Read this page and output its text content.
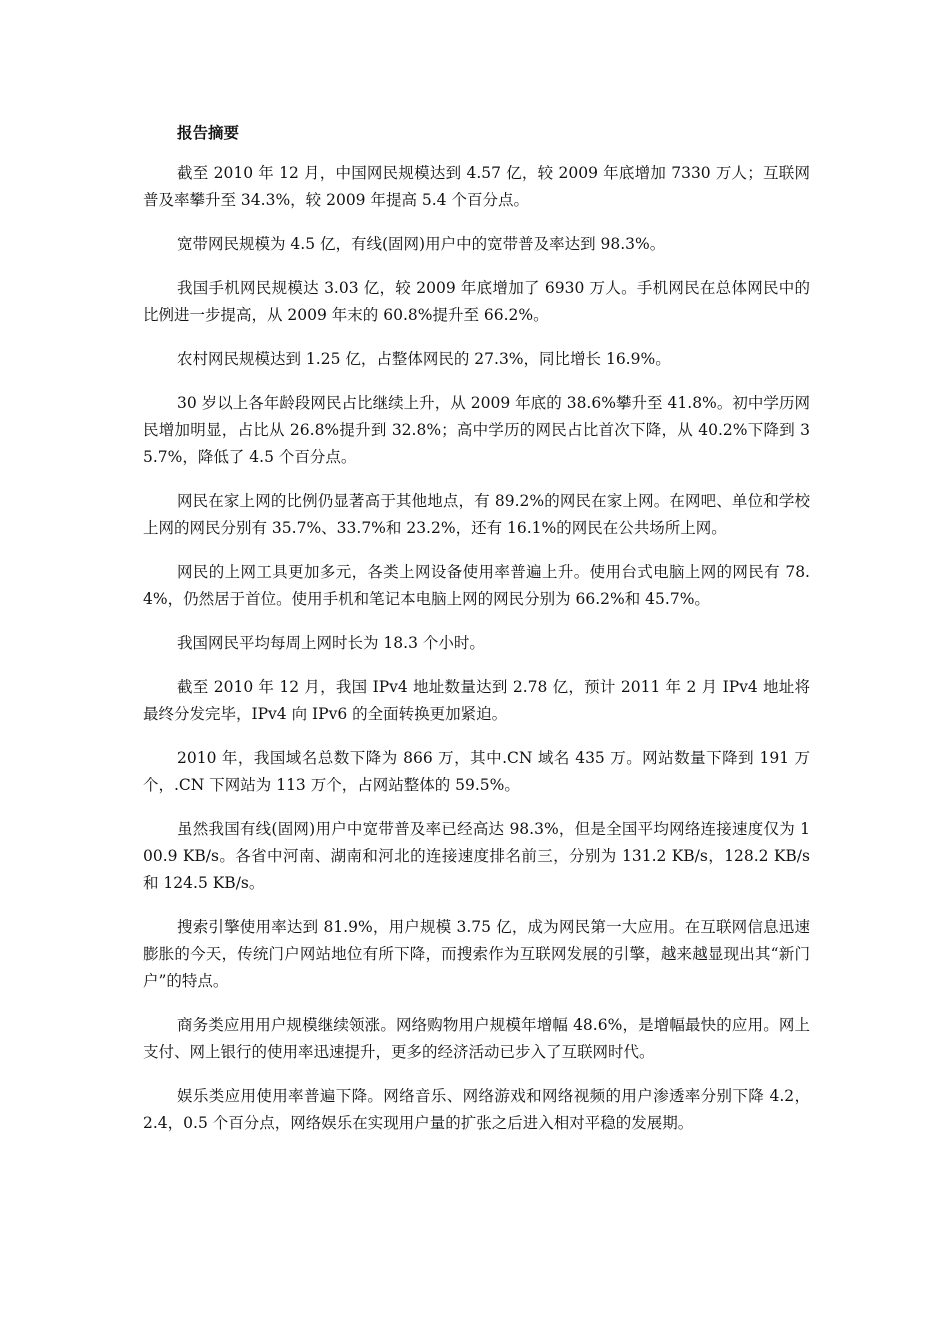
报告摘要

截至 2010 年 12 月，中国网民规模达到 4.57 亿，较 2009 年底增加 7330 万人；互联网普及率攀升至 34.3%，较 2009 年提高 5.4 个百分点。

宽带网民规模为 4.5 亿，有线(固网)用户中的宽带普及率达到 98.3%。

我国手机网民规模达 3.03 亿，较 2009 年底增加了 6930 万人。手机网民在总体网民中的比例进一步提高，从 2009 年末的 60.8%提升至 66.2%。

农村网民规模达到 1.25 亿，占整体网民的 27.3%，同比增长 16.9%。

30 岁以上各年龄段网民占比继续上升，从 2009 年底的 38.6%攀升至 41.8%。初中学历网民增加明显，占比从 26.8%提升到 32.8%；高中学历的网民占比首次下降，从 40.2%下降到 35.7%，降低了 4.5 个百分点。

网民在家上网的比例仍显著高于其他地点，有 89.2%的网民在家上网。在网吧、单位和学校上网的网民分别有 35.7%、33.7%和 23.2%，还有 16.1%的网民在公共场所上网。

网民的上网工具更加多元，各类上网设备使用率普遍上升。使用台式电脑上网的网民有 78.4%，仍然居于首位。使用手机和笔记本电脑上网的网民分别为 66.2%和 45.7%。

我国网民平均每周上网时长为 18.3 个小时。

截至 2010 年 12 月，我国 IPv4 地址数量达到 2.78 亿，预计 2011 年 2 月 IPv4 地址将最终分发完毕，IPv4 向 IPv6 的全面转换更加紧迫。

2010 年，我国域名总数下降为 866 万，其中.CN 域名 435 万。网站数量下降到 191 万个，.CN 下网站为 113 万个，占网站整体的 59.5%。

虽然我国有线(固网)用户中宽带普及率已经高达 98.3%，但是全国平均网络连接速度仅为 100.9 KB/s。各省中河南、湖南和河北的连接速度排名前三，分别为 131.2 KB/s，128.2 KB/s 和 124.5 KB/s。

搜索引擎使用率达到 81.9%，用户规模 3.75 亿，成为网民第一大应用。在互联网信息迅速膨胀的今天，传统门户网站地位有所下降，而搜索作为互联网发展的引擎，越来越显现出其“新门户”的特点。

商务类应用用户规模继续领涨。网络购物用户规模年增幅 48.6%，是增幅最快的应用。网上支付、网上银行的使用率迅速提升，更多的经济活动已步入了互联网时代。

娱乐类应用使用率普遍下降。网络音乐、网络游戏和网络视频的用户渗透率分别下降 4.2，2.4，0.5 个百分点，网络娱乐在实现用户量的扩张之后进入相对平稳的发展期。
